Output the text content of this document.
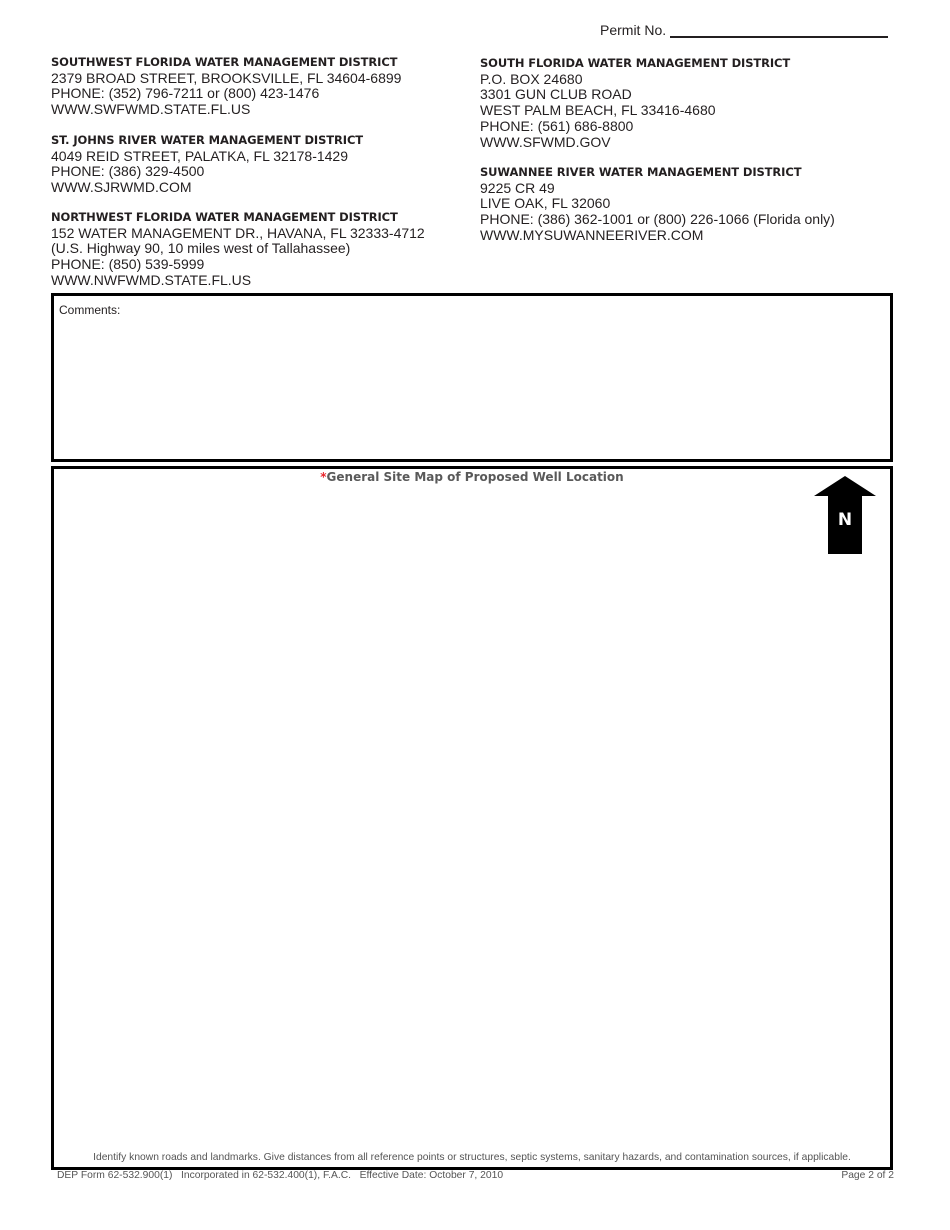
Permit No.
SOUTHWEST FLORIDA WATER MANAGEMENT DISTRICT
2379 BROAD STREET, BROOKSVILLE, FL 34604-6899
PHONE: (352) 796-7211 or (800) 423-1476
WWW.SWFWMD.STATE.FL.US
ST. JOHNS RIVER WATER MANAGEMENT DISTRICT
4049 REID STREET, PALATKA, FL 32178-1429
PHONE: (386) 329-4500
WWW.SJRWMD.COM
NORTHWEST FLORIDA WATER MANAGEMENT DISTRICT
152 WATER MANAGEMENT DR., HAVANA, FL 32333-4712
(U.S. Highway 90, 10 miles west of Tallahassee)
PHONE: (850) 539-5999
WWW.NWFWMD.STATE.FL.US
SOUTH FLORIDA WATER MANAGEMENT DISTRICT
P.O. BOX 24680
3301 GUN CLUB ROAD
WEST PALM BEACH, FL 33416-4680
PHONE: (561) 686-8800
WWW.SFWMD.GOV
SUWANNEE RIVER WATER MANAGEMENT DISTRICT
9225 CR 49
LIVE OAK, FL 32060
PHONE: (386) 362-1001 or (800) 226-1066 (Florida only)
WWW.MYSUWANNEERIVER.COM
Comments:
*General Site Map of Proposed Well Location
N
Identify known roads and landmarks. Give distances from all reference points or structures, septic systems, sanitary hazards, and contamination sources, if applicable.
DEP Form 62-532.900(1)   Incorporated in 62-532.400(1), F.A.C.   Effective Date: October 7, 2010	Page 2 of 2
